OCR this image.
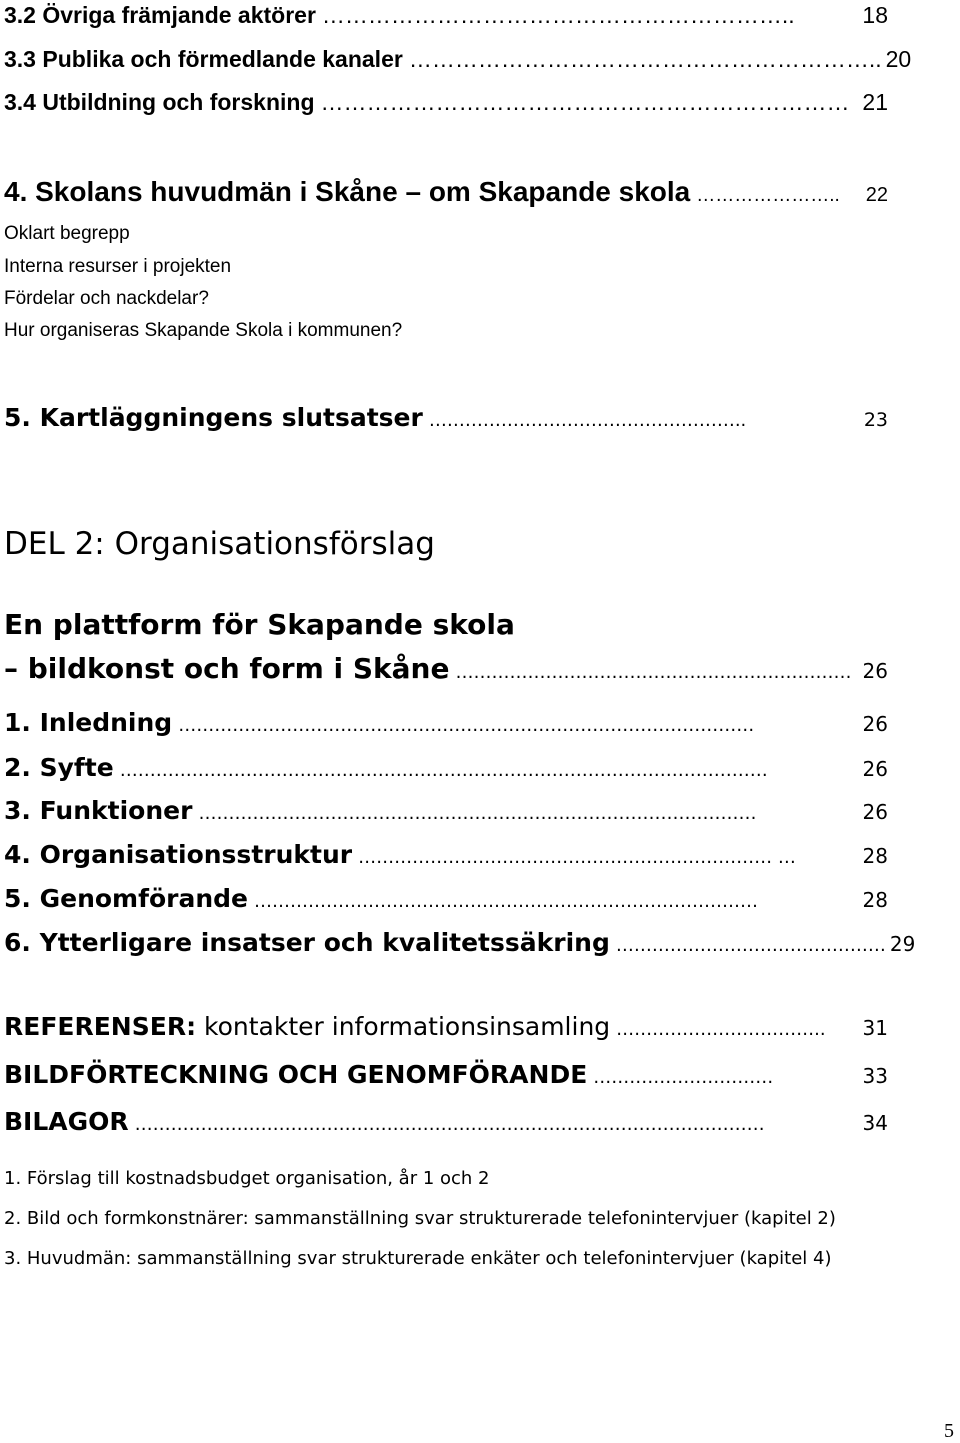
3.2 Övriga främjande aktörer ……………………………………………………..	18
3.3 Publika och förmedlande kanaler …………………………………………………….. 20
3.4 Utbildning och forskning …………………………………………………………… 21
4. Skolans huvudmän i Skåne – om Skapande skola …………………..	22
Oklart begrepp
Interna resurser i projekten
Fördelar och nackdelar?
Hur organiseras Skapande Skola i kommunen?
5. Kartläggningens slutsatser ……………………………………………..	23
DEL 2: Organisationsförslag
En plattform för Skapande skola
– bildkonst och form i Skåne ………………………………………………………… 26
1. Inledning ……………………………………………………………………………………	26
2. Syfte ………………………………………………………………………………………………	26
3. Funktioner …………………………………………………………………………………	26
4. Organisationsstruktur …………………………………………………………… …	28
5. Genomförande …………………………………………………………………………	28
6. Ytterligare insatser och kvalitetssäkring ……………………………………… 29
REFERENSER: kontakter informationsinsamling ……………………………..	31
BILDFÖRTECKNING OCH GENOMFÖRANDE …………………………	33
BILAGOR ……………………………………………………………………………………………	34
1. Förslag till kostnadsbudget organisation, år 1 och 2
2. Bild och formkonstnärer: sammanställning svar strukturerade telefonintervjuer (kapitel 2)
3. Huvudmän: sammanställning svar strukturerade enkäter och telefonintervjuer (kapitel 4)
5
